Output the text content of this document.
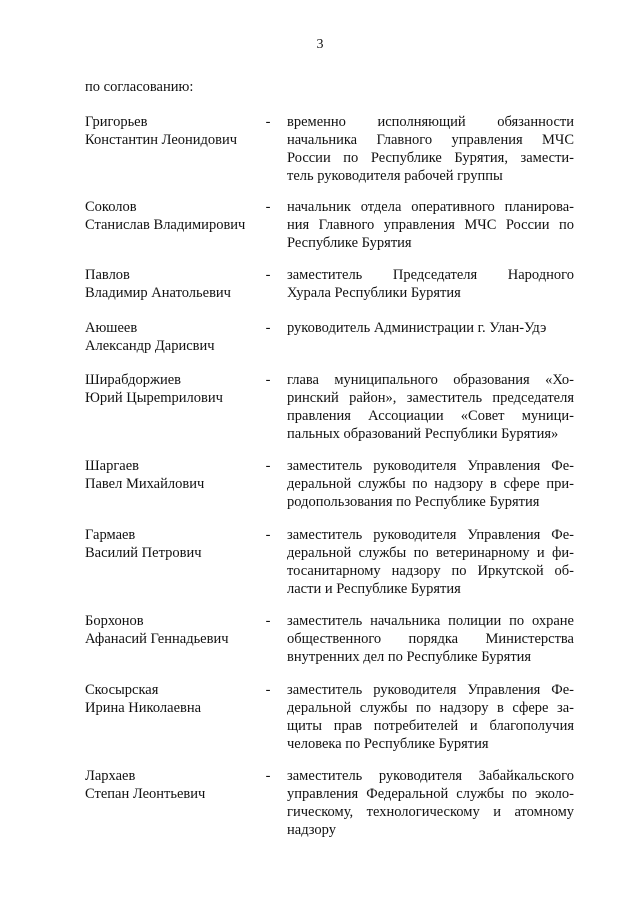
3
по согласованию:
Григорьев
Константин Леонидович
- временно исполняющий обязанности
начальника Главного управления МЧС
России по Республике Бурятия, замести-
тель руководителя рабочей группы
Соколов
Станислав Владимирович
- начальник отдела оперативного планирова-
ния Главного управления МЧС России по
Республике Бурятия
Павлов
Владимир Анатольевич
- заместитель Председателя Народного
Хурала Республики Бурятия
Аюшеев
Александр Дарисвич
- руководитель Администрации г. Улан-Удэ
Ширабдоржиев
Юрий Цырempилович
- глава муниципального образования «Хо-
ринский район», заместитель председателя
правления Ассоциации «Совет муници-
пальных образований Республики Бурятия»
Шаргаев
Павел Михайлович
- заместитель руководителя Управления Фе-
деральной службы по надзору в сфере при-
родопользования по Республике Бурятия
Гармаев
Василий Петрович
- заместитель руководителя Управления Фе-
деральной службы по ветеринарному и фи-
тосанитарному надзору по Иркутской об-
ласти и Республике Бурятия
Борхонов
Афанасий Геннадьевич
- заместитель начальника полиции по охране
общественного порядка Министерства
внутренних дел по Республике Бурятия
Скосырская
Ирина Николаевна
- заместитель руководителя Управления Фе-
деральной службы по надзору в сфере за-
щиты прав потребителей и благополучия
человека по Республике Бурятия
Лархаев
Степан Леонтьевич
- заместитель руководителя Забайкальского
управления Федеральной службы по эколо-
гическому, технологическому и атомному
надзору
